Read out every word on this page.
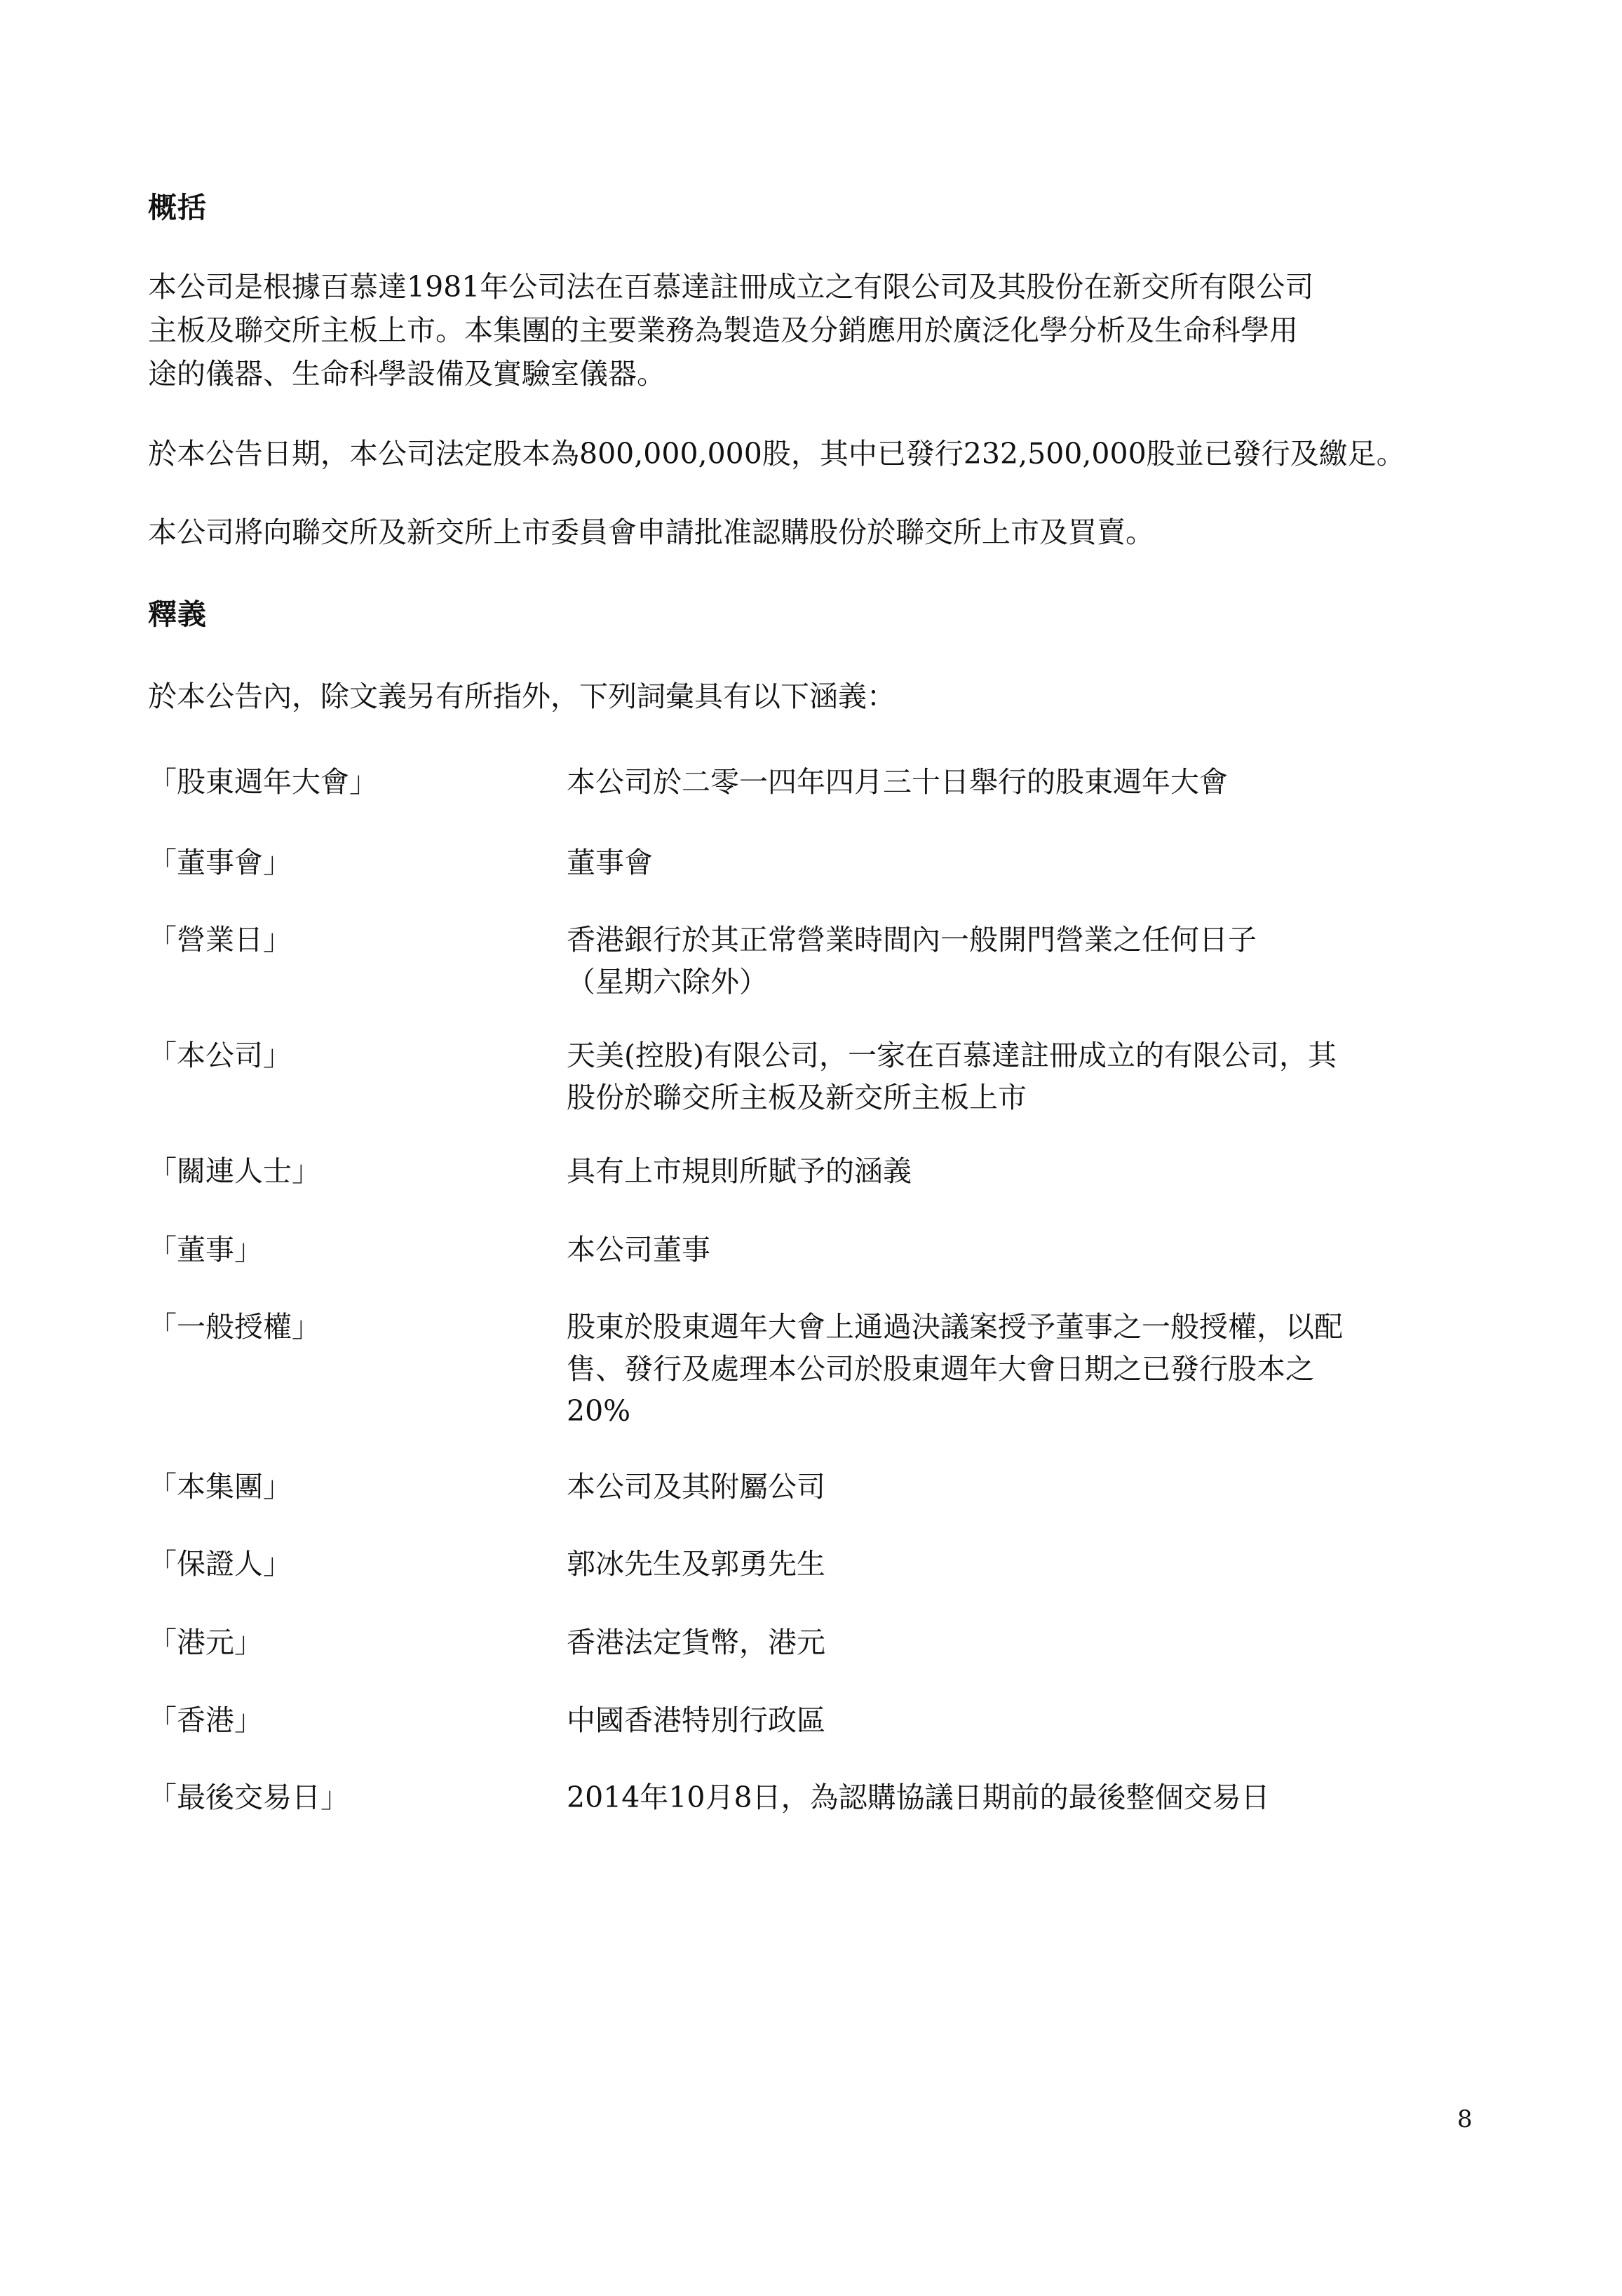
概括

本公司是根據百慕達1981年公司法在百慕達註冊成立之有限公司及其股份在新交所有限公司
主板及聯交所主板上市。本集團的主要業務為製造及分銷應用於廣泛化學分析及生命科學用
途的儀器、生命科學設備及實驗室儀器。

於本公告日期，本公司法定股本為800,000,000股，其中已發行232,500,000股並已發行及繳足。

本公司將向聯交所及新交所上市委員會申請批准認購股份於聯交所上市及買賣。

釋義

於本公告內，除文義另有所指外，下列詞彙具有以下涵義：

「股東週年大會」	本公司於二零一四年四月三十日舉行的股東週年大會

「董事會」	董事會

「營業日」	香港銀行於其正常營業時間內一般開門營業之任何日子
（星期六除外）

「本公司」	天美(控股)有限公司，一家在百慕達註冊成立的有限公司，其
股份於聯交所主板及新交所主板上市

「關連人士」	具有上市規則所賦予的涵義

「董事」	本公司董事

「一般授權」	股東於股東週年大會上通過決議案授予董事之一般授權，以配
售、發行及處理本公司於股東週年大會日期之已發行股本之
20%

「本集團」	本公司及其附屬公司

「保證人」	郭冰先生及郭勇先生

「港元」	香港法定貨幣，港元

「香港」	中國香港特別行政區

「最後交易日」	2014年10月8日，為認購協議日期前的最後整個交易日

8
